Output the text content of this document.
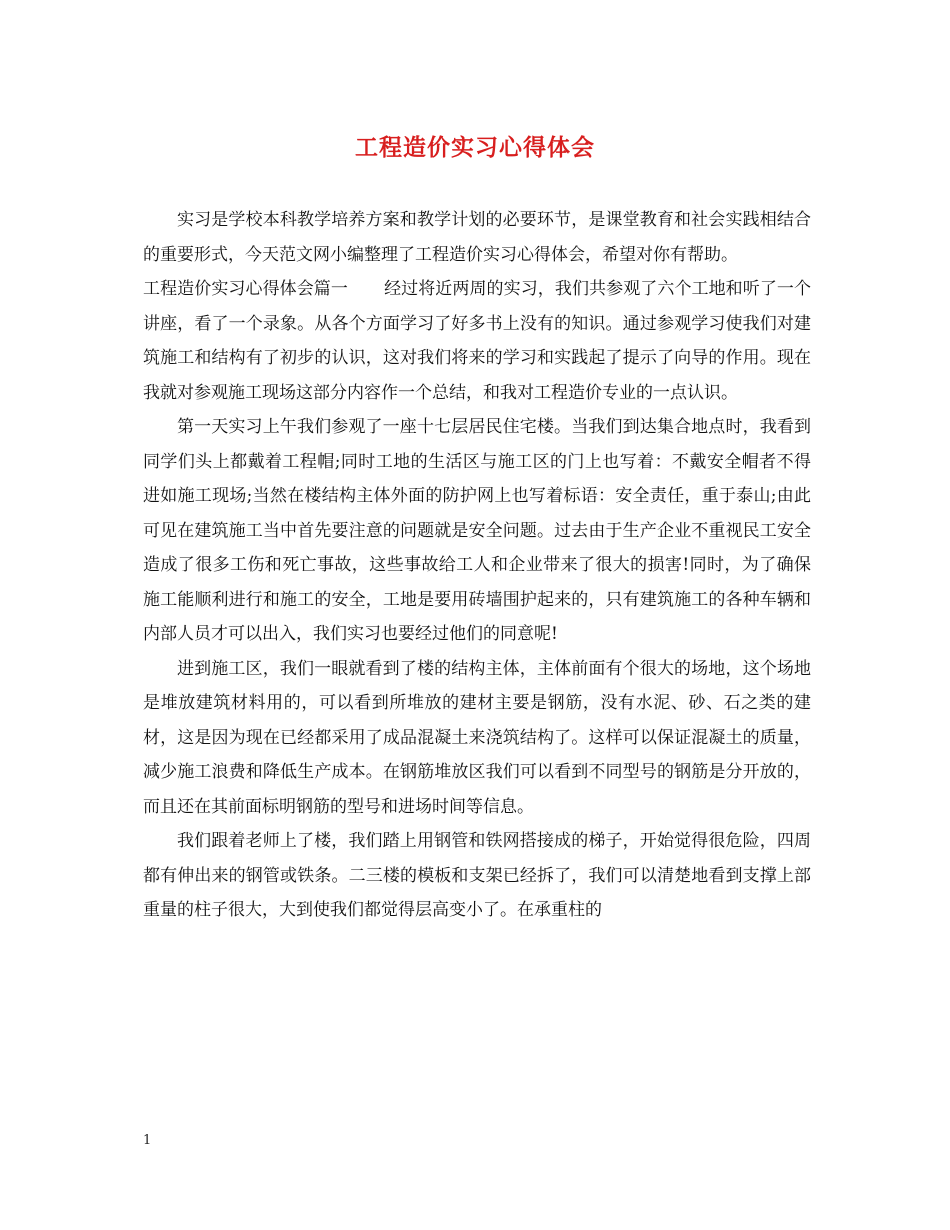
工程造价实习心得体会

实习是学校本科教学培养方案和教学计划的必要环节，是课堂教育和社会实践相结合的重要形式，今天范文网小编整理了工程造价实习心得体会，希望对你有帮助。

工程造价实习心得体会篇一 经过将近两周的实习，我们共参观了六个工地和听了一个讲座，看了一个录象。从各个方面学习了好多书上没有的知识。通过参观学习使我们对建筑施工和结构有了初步的认识，这对我们将来的学习和实践起了提示了向导的作用。现在我就对参观施工现场这部分内容作一个总结，和我对工程造价专业的一点认识。

第一天实习上午我们参观了一座十七层居民住宅楼。当我们到达集合地点时，我看到同学们头上都戴着工程帽;同时工地的生活区与施工区的门上也写着：不戴安全帽者不得进如施工现场;当然在楼结构主体外面的防护网上也写着标语：安全责任，重于泰山;由此可见在建筑施工当中首先要注意的问题就是安全问题。过去由于生产企业不重视民工安全造成了很多工伤和死亡事故，这些事故给工人和企业带来了很大的损害!同时，为了确保施工能顺利进行和施工的安全，工地是要用砖墙围护起来的，只有建筑施工的各种车辆和内部人员才可以出入，我们实习也要经过他们的同意呢!

进到施工区，我们一眼就看到了楼的结构主体，主体前面有个很大的场地，这个场地是堆放建筑材料用的，可以看到所堆放的建材主要是钢筋，没有水泥、砂、石之类的建材，这是因为现在已经都采用了成品混凝土来浇筑结构了。这样可以保证混凝土的质量，减少施工浪费和降低生产成本。在钢筋堆放区我们可以看到不同型号的钢筋是分开放的，而且还在其前面标明钢筋的型号和进场时间等信息。

我们跟着老师上了楼，我们踏上用钢管和铁网搭接成的梯子，开始觉得很危险，四周都有伸出来的钢管或铁条。二三楼的模板和支架已经拆了，我们可以清楚地看到支撑上部重量的柱子很大，大到使我们都觉得层高变小了。在承重柱的

1
